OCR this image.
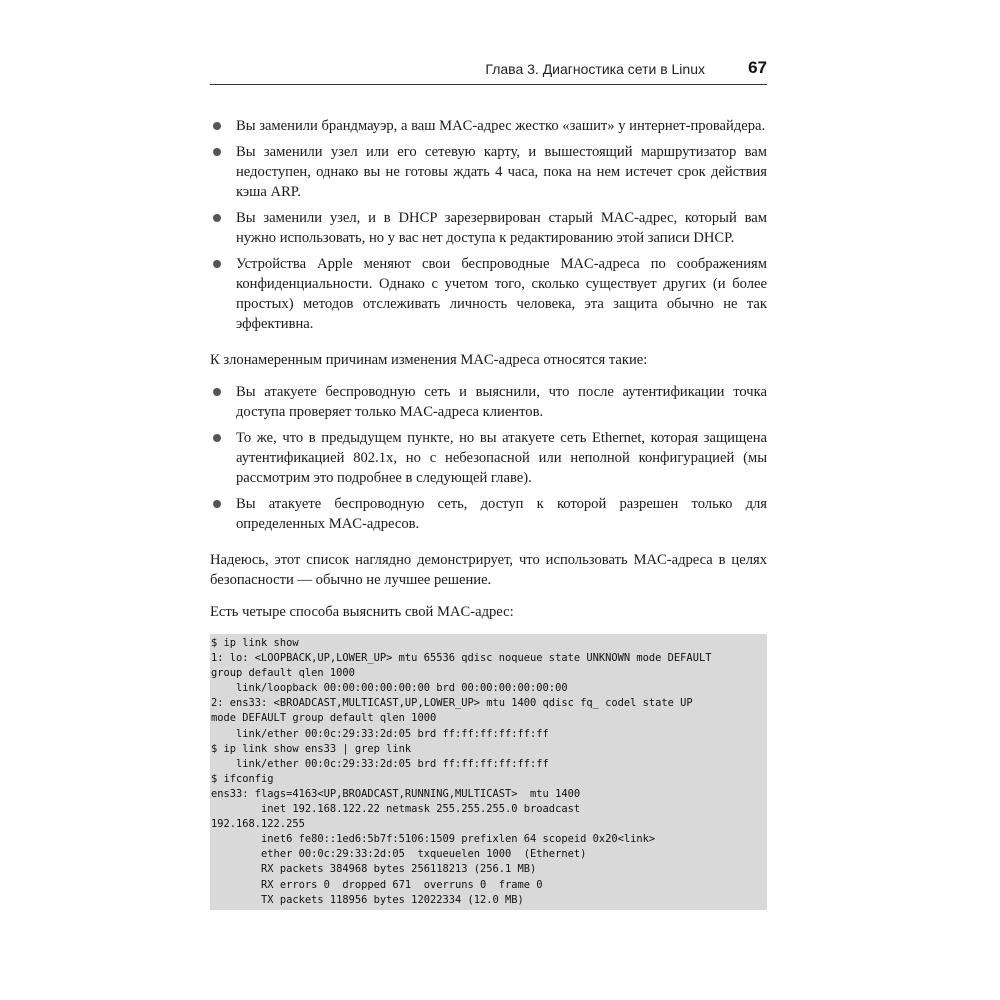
Глава 3. Диагностика сети в Linux	67
Вы заменили брандмауэр, а ваш MAC-адрес жестко «зашит» у интернет-провайдера.
Вы заменили узел или его сетевую карту, и вышестоящий маршрутизатор вам недоступен, однако вы не готовы ждать 4 часа, пока на нем истечет срок действия кэша ARP.
Вы заменили узел, и в DHCP зарезервирован старый MAC-адрес, который вам нужно использовать, но у вас нет доступа к редактированию этой записи DHCP.
Устройства Apple меняют свои беспроводные MAC-адреса по соображениям конфиденциальности. Однако с учетом того, сколько существует других (и более простых) методов отслеживать личность человека, эта защита обычно не так эффективна.

К злонамеренным причинам изменения MAC-адреса относятся такие:

Вы атакуете беспроводную сеть и выяснили, что после аутентификации точка доступа проверяет только MAC-адреса клиентов.
То же, что в предыдущем пункте, но вы атакуете сеть Ethernet, которая защищена аутентификацией 802.1x, но с небезопасной или неполной конфигурацией (мы рассмотрим это подробнее в следующей главе).
Вы атакуете беспроводную сеть, доступ к которой разрешен только для определенных MAC-адресов.

Надеюсь, этот список наглядно демонстрирует, что использовать MAC-адреса в целях безопасности — обычно не лучшее решение.

Есть четыре способа выяснить свой MAC-адрес:

$ ip link show
1: lo: <LOOPBACK,UP,LOWER_UP> mtu 65536 qdisc noqueue state UNKNOWN mode DEFAULT
group default qlen 1000
link/loopback 00:00:00:00:00:00 brd 00:00:00:00:00:00
2: ens33: <BROADCAST,MULTICAST,UP,LOWER_UP> mtu 1400 qdisc fq_ codel state UP
mode DEFAULT group default qlen 1000
link/ether 00:0c:29:33:2d:05 brd ff:ff:ff:ff:ff:ff
$ ip link show ens33 | grep link
link/ether 00:0c:29:33:2d:05 brd ff:ff:ff:ff:ff:ff
$ ifconfig
ens33: flags=4163<UP,BROADCAST,RUNNING,MULTICAST>  mtu 1400
inet 192.168.122.22 netmask 255.255.255.0 broadcast
192.168.122.255
inet6 fe80::1ed6:5b7f:5106:1509 prefixlen 64 scopeid 0x20<link>
ether 00:0c:29:33:2d:05  txqueuelen 1000  (Ethernet)
RX packets 384968 bytes 256118213 (256.1 MB)
RX errors 0  dropped 671  overruns 0  frame 0
TX packets 118956 bytes 12022334 (12.0 MB)
